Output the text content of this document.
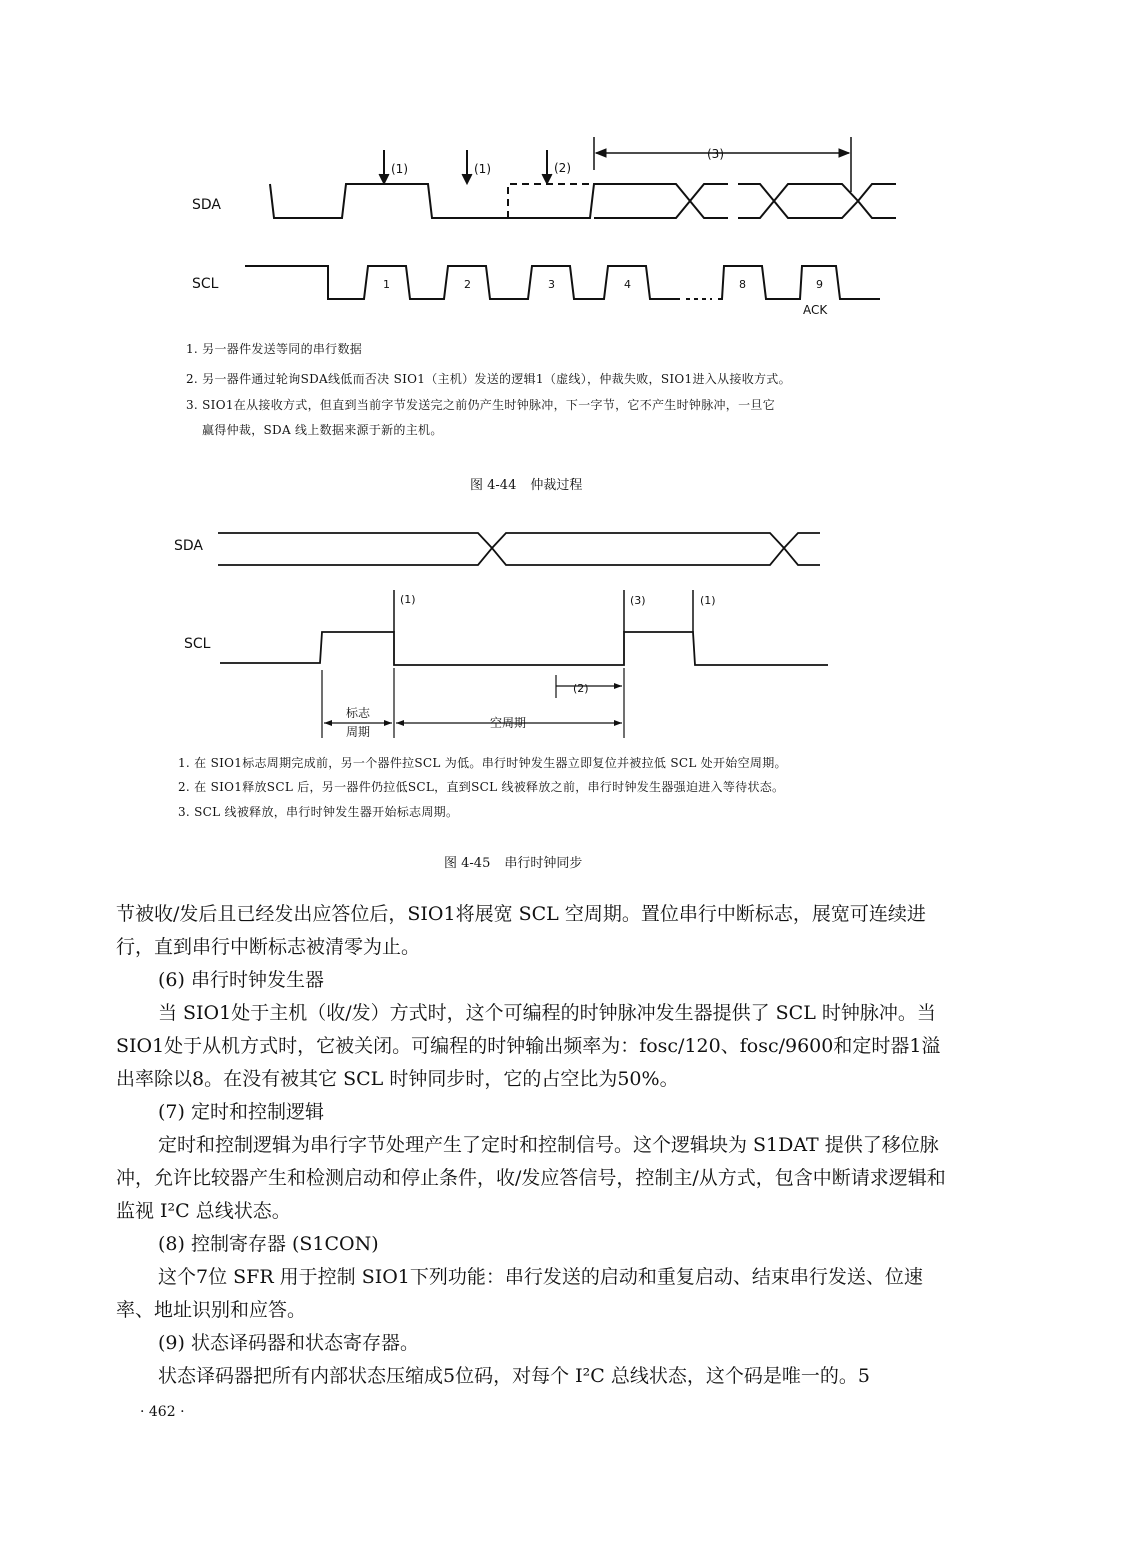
SDA
SCL
(1)	(1)	(2)
(3)
1	2	3	4	8	9
ACK
1. 另一器件发送等同的串行数据
2. 另一器件通过轮询SDA线低而否决 SIO1（主机）发送的逻辑1（虚线），仲裁失败，SIO1进入从接收方式。
3. SIO1在从接收方式，但直到当前字节发送完之前仍产生时钟脉冲，下一字节，它不产生时钟脉冲，一旦它
赢得仲裁，SDA 线上数据来源于新的主机。
图 4-44 仲裁过程
SDA
SCL
(1)	(3)	(1)
(2)
标志
周期
空周期
1. 在 SIO1标志周期完成前，另一个器件拉SCL 为低。串行时钟发生器立即复位并被拉低 SCL 处开始空周期。
2. 在 SIO1释放SCL 后，另一器件仍拉低SCL，直到SCL 线被释放之前，串行时钟发生器强迫进入等待状态。
3. SCL 线被释放，串行时钟发生器开始标志周期。
图 4-45 串行时钟同步

节被收/发后且已经发出应答位后，SIO1将展宽 SCL 空周期。置位串行中断标志，展宽可连续进行，直到串行中断标志被清零为止。

(6) 串行时钟发生器

当 SIO1处于主机（收/发）方式时，这个可编程的时钟脉冲发生器提供了 SCL 时钟脉冲。当 SIO1处于从机方式时，它被关闭。可编程的时钟输出频率为：fosc/120、fosc/9600和定时器1溢出率除以8。在没有被其它 SCL 时钟同步时，它的占空比为50%。

(7) 定时和控制逻辑

定时和控制逻辑为串行字节处理产生了定时和控制信号。这个逻辑块为 S1DAT 提供了移位脉冲，允许比较器产生和检测启动和停止条件，收/发应答信号，控制主/从方式，包含中断请求逻辑和监视 I²C 总线状态。

(8) 控制寄存器 (S1CON)

这个7位 SFR 用于控制 SIO1下列功能：串行发送的启动和重复启动、结束串行发送、位速率、地址识别和应答。

(9) 状态译码器和状态寄存器。

状态译码器把所有内部状态压缩成5位码，对每个 I²C 总线状态，这个码是唯一的。5

· 462 ·
